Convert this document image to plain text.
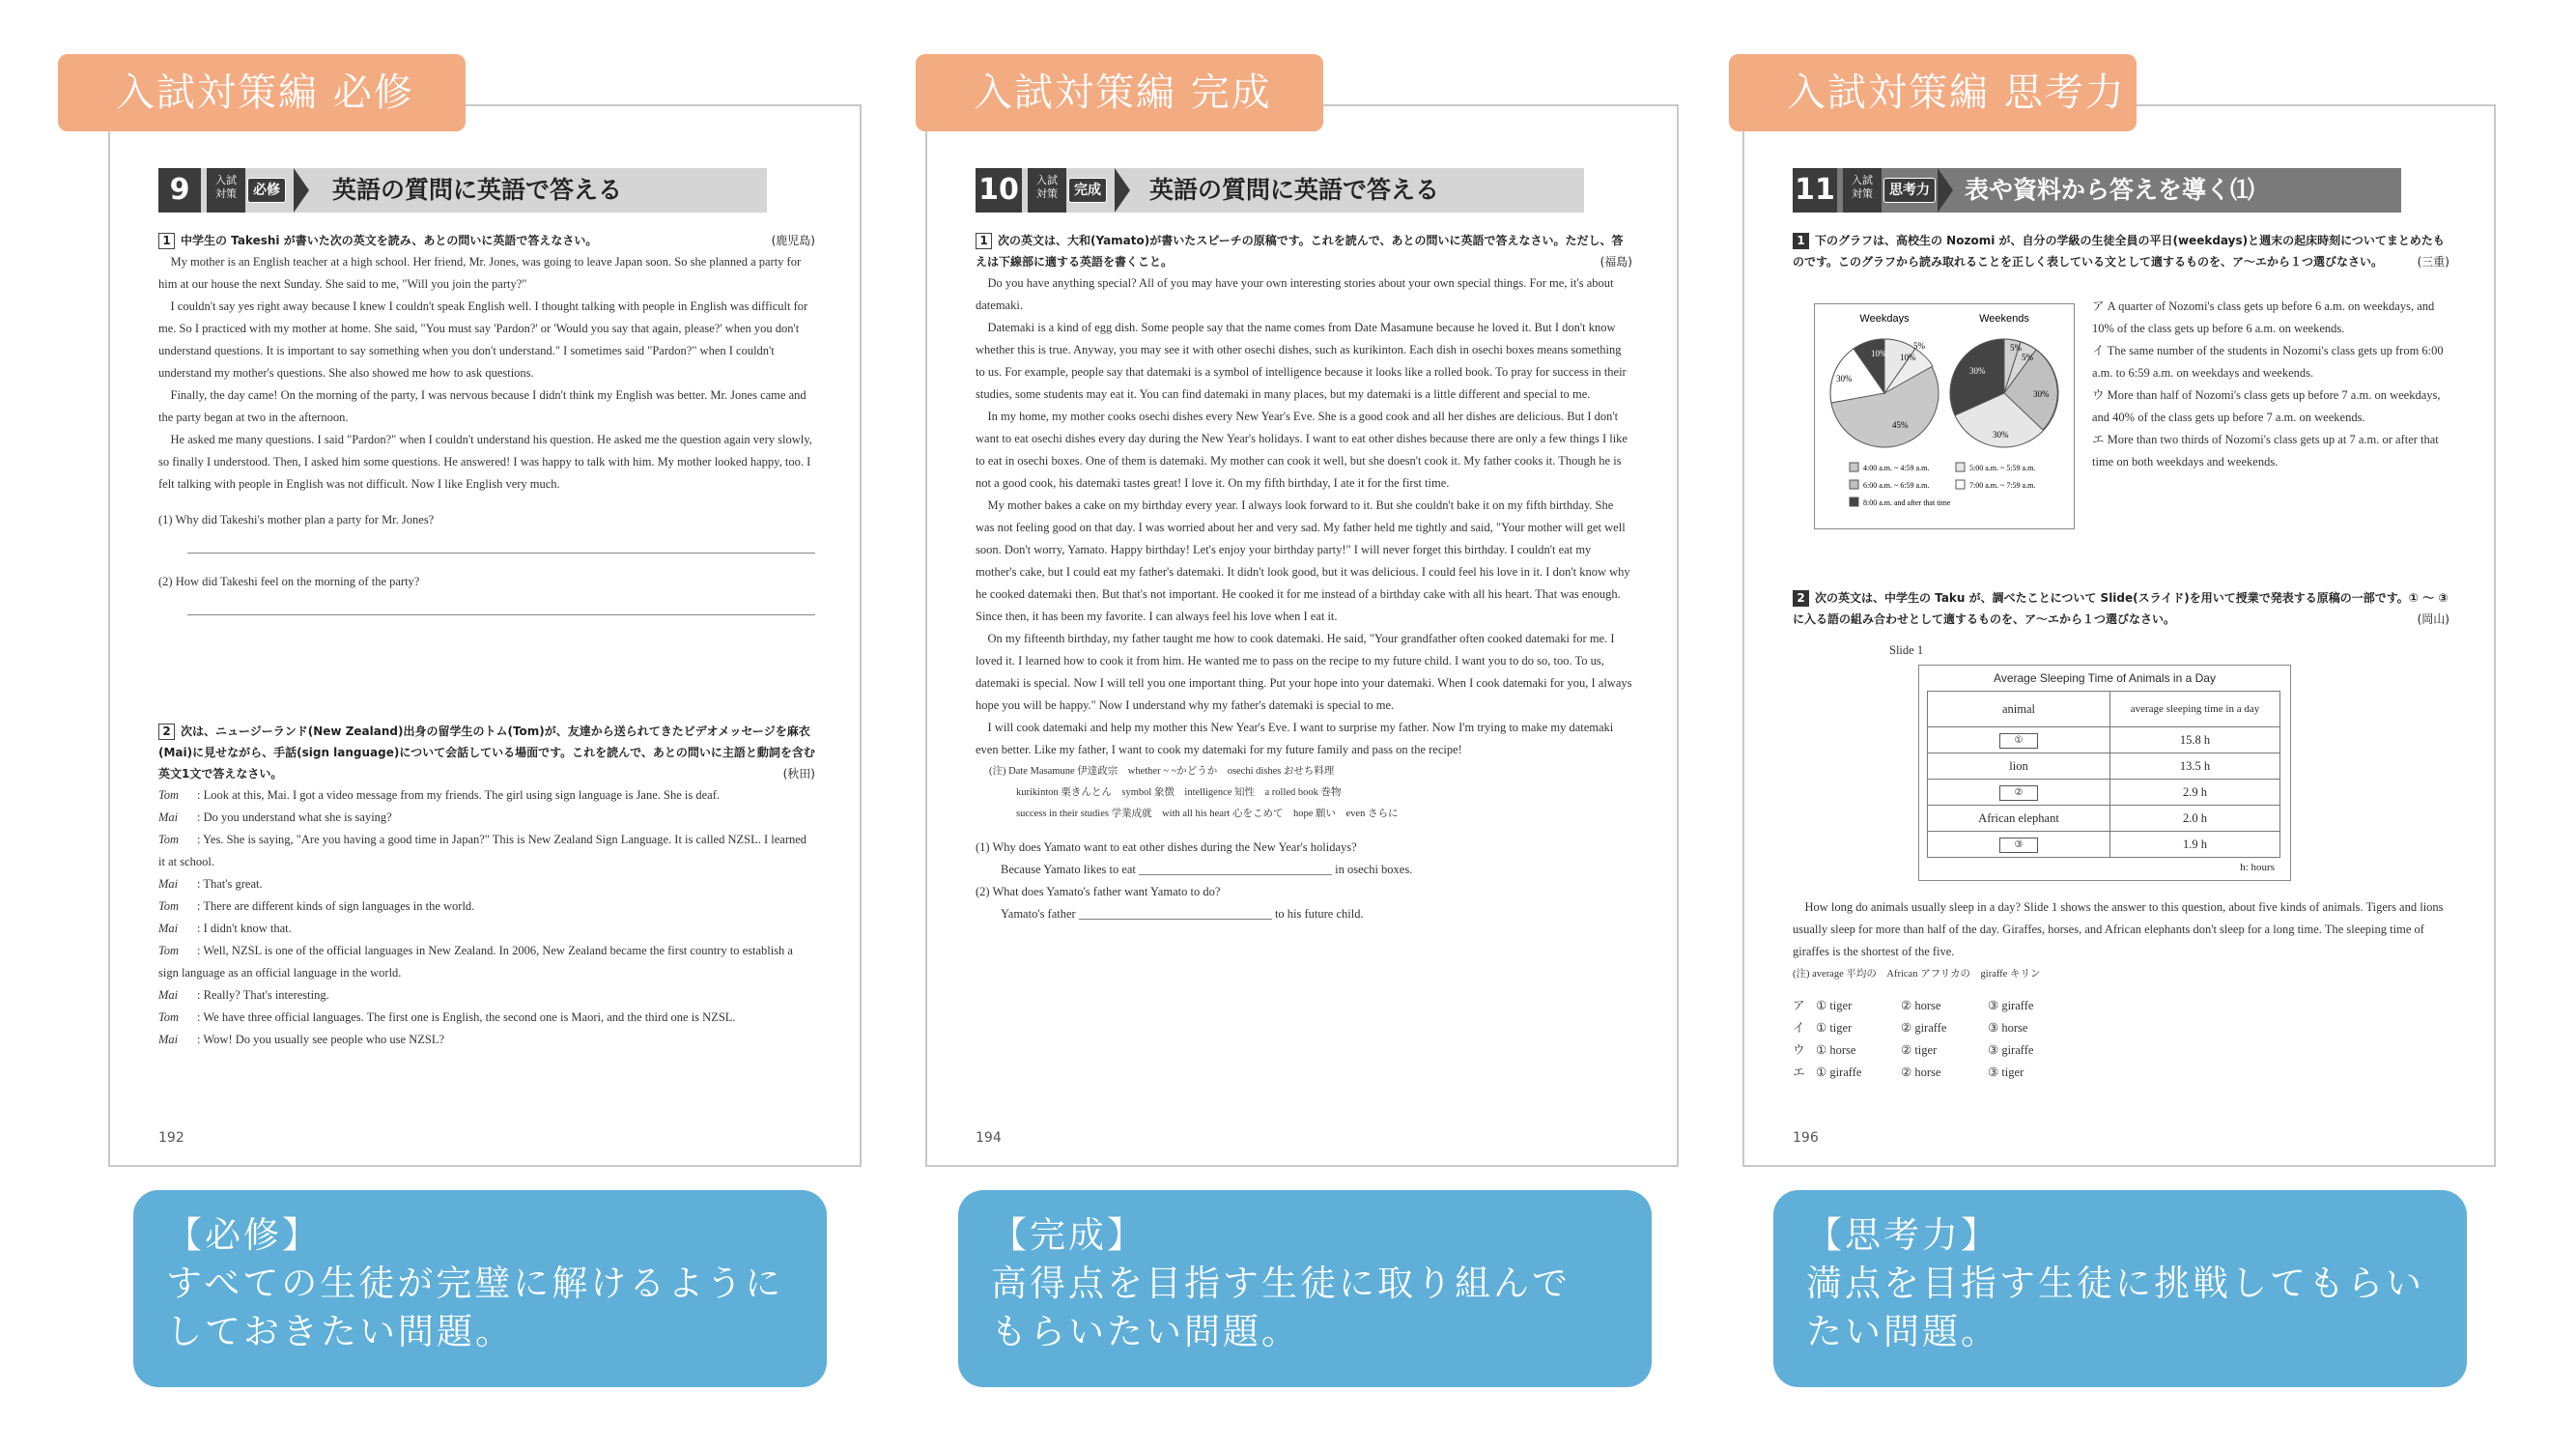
9	入試
対策	必修 英語の質問に英語で答える
1 中学生の Takeshi が書いた次の英文を読み、あとの問いに英語で答えなさい。	(鹿児島)

My mother is an English teacher at a high school. Her friend, Mr. Jones, was going to leave Japan soon. So she planned a party for him at our house the next Sunday. She said to me, "Will you join the party?"

I couldn't say yes right away because I knew I couldn't speak English well. I thought talking with people in English was difficult for me. So I practiced with my mother at home. She said, "You must say 'Pardon?' or 'Would you say that again, please?' when you don't understand questions. It is important to say something when you don't understand." I sometimes said "Pardon?" when I couldn't understand my mother's questions. She also showed me how to ask questions.

Finally, the day came! On the morning of the party, I was nervous because I didn't think my English was better. Mr. Jones came and the party began at two in the afternoon.

He asked me many questions. I said "Pardon?" when I couldn't understand his question. He asked me the question again very slowly, so finally I understood. Then, I asked him some questions. He answered! I was happy to talk with him. My mother looked happy, too. I felt talking with people in English was not difficult. Now I like English very much.

(1) Why did Takeshi's mother plan a party for Mr. Jones?

(2) How did Takeshi feel on the morning of the party?

2 次は、ニュージーランド(New Zealand)出身の留学生のトム(Tom)が、友達から送られてきたビデオメッセージを麻衣(Mai)に見せながら、手話(sign language)について会話している場面です。これを読んで、あとの問いに主語と動詞を含む英文1文で答えなさい。	(秋田)

Tom : Look at this, Mai. I got a video message from my friends. The girl using sign language is Jane. She is deaf.

Mai : Do you understand what she is saying?

Tom : Yes. She is saying, "Are you having a good time in Japan?" This is New Zealand Sign Language. It is called NZSL. I learned it at school.

Mai : That's great.

Tom : There are different kinds of sign languages in the world.

Mai : I didn't know that.

Tom : Well, NZSL is one of the official languages in New Zealand. In 2006, New Zealand became the first country to establish a sign language as an official language in the world.

Mai : Really? That's interesting.

Tom : We have three official languages. The first one is English, the second one is Maori, and the third one is NZSL.

Mai : Wow! Do you usually see people who use NZSL?

192
10	入試
対策	完成 英語の質問に英語で答える
1 次の英文は、大和(Yamato)が書いたスピーチの原稿です。これを読んで、あとの問いに英語で答えなさい。ただし、答えは下線部に適する英語を書くこと。	(福島)

Do you have anything special? All of you may have your own interesting stories about your own special things. For me, it's about datemaki.

Datemaki is a kind of egg dish. Some people say that the name comes from Date Masamune because he loved it. But I don't know whether this is true. Anyway, you may see it with other osechi dishes, such as kurikinton. Each dish in osechi boxes means something to us. For example, people say that datemaki is a symbol of intelligence because it looks like a rolled book. To pray for success in their studies, some students may eat it. You can find datemaki in many places, but my datemaki is a little different and special to me.

In my home, my mother cooks osechi dishes every New Year's Eve. She is a good cook and all her dishes are delicious. But I don't want to eat osechi dishes every day during the New Year's holidays. I want to eat other dishes because there are only a few things I like to eat in osechi boxes. One of them is datemaki. My mother can cook it well, but she doesn't cook it. My father cooks it. Though he is not a good cook, his datemaki tastes great! I love it. On my fifth birthday, I ate it for the first time.

My mother bakes a cake on my birthday every year. I always look forward to it. But she couldn't bake it on my fifth birthday. She was not feeling good on that day. I was worried about her and very sad. My father held me tightly and said, "Your mother will get well soon. Don't worry, Yamato. Happy birthday! Let's enjoy your birthday party!" I will never forget this birthday. I couldn't eat my mother's cake, but I could eat my father's datemaki. It didn't look good, but it was delicious. I could feel his love in it. I don't know why he cooked datemaki then. But that's not important. He cooked it for me instead of a birthday cake with all his heart. That was enough. Since then, it has been my favorite. I can always feel his love when I eat it.

On my fifteenth birthday, my father taught me how to cook datemaki. He said, "Your grandfather often cooked datemaki for me. I loved it. I learned how to cook it from him. He wanted me to pass on the recipe to my future child. I want you to do so, too. To us, datemaki is special. Now I will tell you one important thing. Put your hope into your datemaki. When I cook datemaki for you, I always hope you will be happy." Now I understand why my father's datemaki is special to me.

I will cook datemaki and help my mother this New Year's Eve. I want to surprise my father. Now I'm trying to make my datemaki even better. Like my father, I want to cook my datemaki for my future family and pass on the recipe!

(注) Date Masamune 伊達政宗　whether ~ ~かどうか　osechi dishes おせち料理
kurikinton 栗きんとん　symbol 象徴　intelligence 知性　a rolled book 巻物
success in their studies 学業成就　with all his heart 心をこめて　hope 願い　even さらに

(1) Why does Yamato want to eat other dishes during the New Year's holidays?

Because Yamato likes to eat ________________________________ in osechi boxes.

(2) What does Yamato's father want Yamato to do?

Yamato's father ________________________________ to his future child.

194
11	入試
対策	思考力 表や資料から答えを導く⑴
1 下のグラフは、高校生の Nozomi が、自分の学級の生徒全員の平日(weekdays)と週末の起床時刻についてまとめたものです。このグラフから読み取れることを正しく表している文として適するものを、ア〜エから１つ選びなさい。	(三重)
Weekdays	Weekends
10% 10%
30%
45%
5%	5%
5%
30%
30%
30%
4:00 a.m. ~ 4:59 a.m.	5:00 a.m. ~ 5:59 a.m.
6:00 a.m. ~ 6:59 a.m.	7:00 a.m. ~ 7:59 a.m.
8:00 a.m. and after that time

ア A quarter of Nozomi's class gets up before 6 a.m. on weekdays, and 10% of the class gets up before 6 a.m. on weekends.

イ The same number of the students in Nozomi's class gets up from 6:00 a.m. to 6:59 a.m. on weekdays and weekends.

ウ More than half of Nozomi's class gets up before 7 a.m. on weekdays, and 40% of the class gets up before 7 a.m. on weekends.

エ More than two thirds of Nozomi's class gets up at 7 a.m. or after that time on both weekdays and weekends.

2 次の英文は、中学生の Taku が、調べたことについて Slide(スライド)を用いて授業で発表する原稿の一部です。① 〜 ③ に入る語の組み合わせとして適するものを、ア〜エから１つ選びなさい。	(岡山)
Slide 1
Average Sleeping Time of Animals in a Day
animal	average sleeping time in a day
①	15.8 h
lion	13.5 h
②	2.9 h
African elephant	2.0 h
③	1.9 h
h: hours

How long do animals usually sleep in a day? Slide 1 shows the answer to this question, about five kinds of animals. Tigers and lions usually sleep for more than half of the day. Giraffes, horses, and African elephants don't sleep for a long time. The sleeping time of giraffes is the shortest of the five.

(注) average 平均の　African アフリカの　giraffe キリン

ア ① tiger	② horse	③ giraffe
イ ① tiger	② giraffe	③ horse
ウ ① horse	② tiger	③ giraffe
エ ① giraffe	② horse	③ tiger
196
入試対策編 必修	入試対策編 完成	入試対策編 思考力
【必修】
すべての生徒が完璧に解けるように
しておきたい問題。
【完成】
高得点を目指す生徒に取り組んで
もらいたい問題。
【思考力】
満点を目指す生徒に挑戦してもらい
たい問題。
